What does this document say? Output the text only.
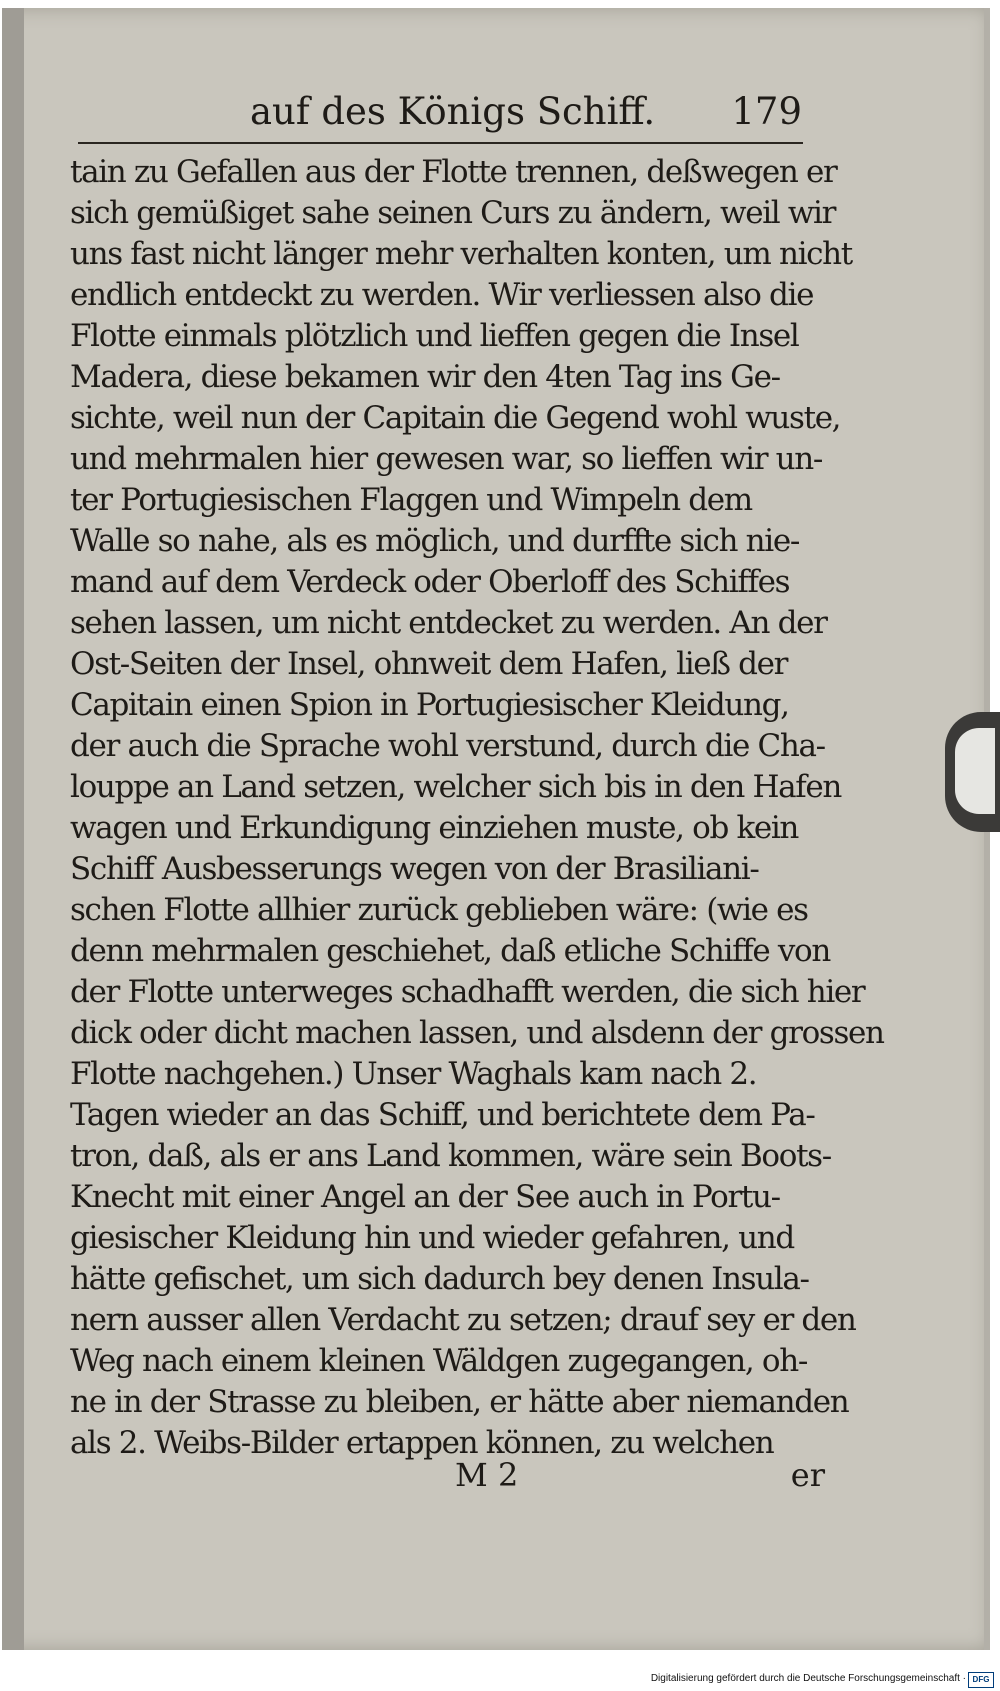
auf des Königs Schiff. 179
tain zu Gefallen aus der Flotte trennen, deßwegen er
sich gemüßiget sahe seinen Curs zu ändern, weil wir
uns fast nicht länger mehr verhalten konten, um nicht
endlich entdeckt zu werden. Wir verliessen also die
Flotte einmals plötzlich und lieffen gegen die Insel
Madera, diese bekamen wir den 4ten Tag ins Ge-
sichte, weil nun der Capitain die Gegend wohl wuste,
und mehrmalen hier gewesen war, so lieffen wir un-
ter Portugiesischen Flaggen und Wimpeln dem
Walle so nahe, als es möglich, und durffte sich nie-
mand auf dem Verdeck oder Oberloff des Schiffes
sehen lassen, um nicht entdecket zu werden. An der
Ost-Seiten der Insel, ohnweit dem Hafen, ließ der
Capitain einen Spion in Portugiesischer Kleidung,
der auch die Sprache wohl verstund, durch die Cha-
louppe an Land setzen, welcher sich bis in den Hafen
wagen und Erkundigung einziehen muste, ob kein
Schiff Ausbesserungs wegen von der Brasiliani-
schen Flotte allhier zurück geblieben wäre: (wie es
denn mehrmalen geschiehet, daß etliche Schiffe von
der Flotte unterweges schadhafft werden, die sich hier
dick oder dicht machen lassen, und alsdenn der grossen
Flotte nachgehen.) Unser Waghals kam nach 2.
Tagen wieder an das Schiff, und berichtete dem Pa-
tron, daß, als er ans Land kommen, wäre sein Boots-
Knecht mit einer Angel an der See auch in Portu-
giesischer Kleidung hin und wieder gefahren, und
hätte gefischet, um sich dadurch bey denen Insula-
nern ausser allen Verdacht zu setzen; drauf sey er den
Weg nach einem kleinen Wäldgen zugegangen, oh-
ne in der Strasse zu bleiben, er hätte aber niemanden
als 2. Weibs-Bilder ertappen können, zu welchen
M 2	er
Digitalisierung gefördert durch die Deutsche Forschungsgemeinschaft · DFG
